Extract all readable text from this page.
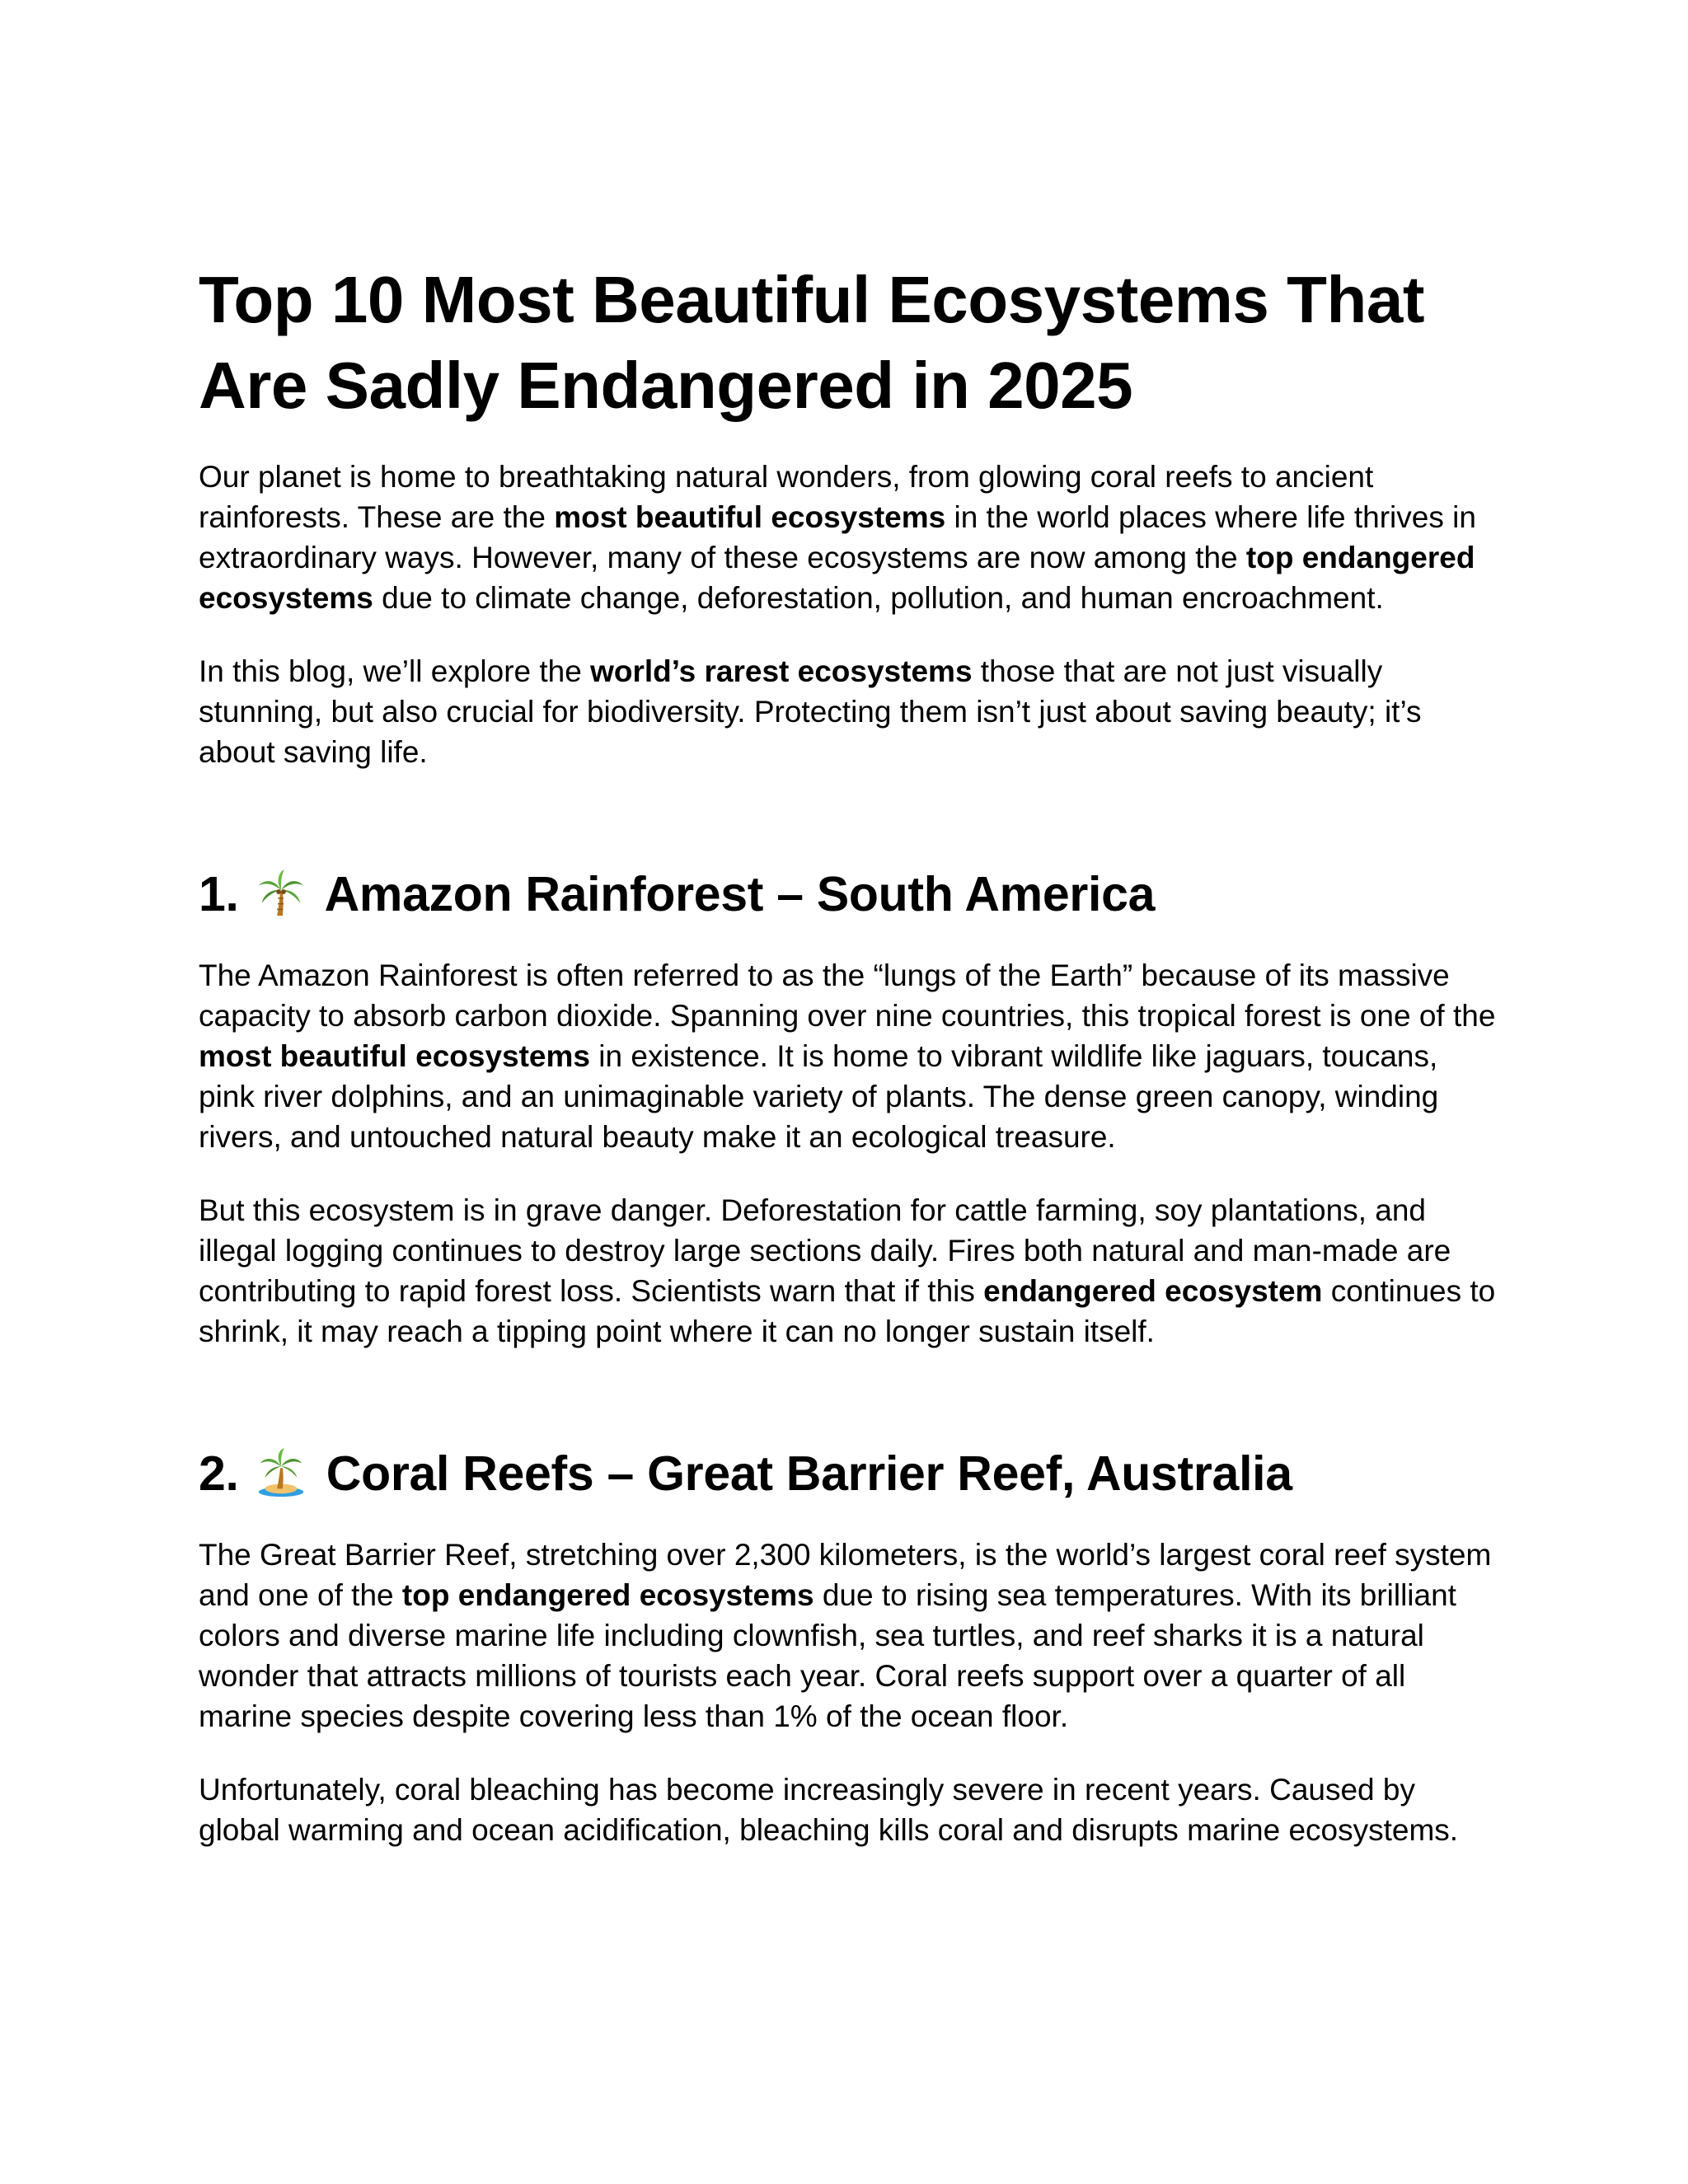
Top 10 Most Beautiful Ecosystems That Are Sadly Endangered in 2025

Our planet is home to breathtaking natural wonders, from glowing coral reefs to ancient rainforests. These are the most beautiful ecosystems in the world places where life thrives in extraordinary ways. However, many of these ecosystems are now among the top endangered ecosystems due to climate change, deforestation, pollution, and human encroachment.

In this blog, we’ll explore the world’s rarest ecosystems those that are not just visually stunning, but also crucial for biodiversity. Protecting them isn’t just about saving beauty; it’s about saving life.

1. Amazon Rainforest – South America

The Amazon Rainforest is often referred to as the “lungs of the Earth” because of its massive capacity to absorb carbon dioxide. Spanning over nine countries, this tropical forest is one of the most beautiful ecosystems in existence. It is home to vibrant wildlife like jaguars, toucans, pink river dolphins, and an unimaginable variety of plants. The dense green canopy, winding rivers, and untouched natural beauty make it an ecological treasure.

But this ecosystem is in grave danger. Deforestation for cattle farming, soy plantations, and illegal logging continues to destroy large sections daily. Fires both natural and man-made are contributing to rapid forest loss. Scientists warn that if this endangered ecosystem continues to shrink, it may reach a tipping point where it can no longer sustain itself.

2. Coral Reefs – Great Barrier Reef, Australia

The Great Barrier Reef, stretching over 2,300 kilometers, is the world’s largest coral reef system and one of the top endangered ecosystems due to rising sea temperatures. With its brilliant colors and diverse marine life including clownfish, sea turtles, and reef sharks it is a natural wonder that attracts millions of tourists each year. Coral reefs support over a quarter of all marine species despite covering less than 1% of the ocean floor.

Unfortunately, coral bleaching has become increasingly severe in recent years. Caused by global warming and ocean acidification, bleaching kills coral and disrupts marine ecosystems.
